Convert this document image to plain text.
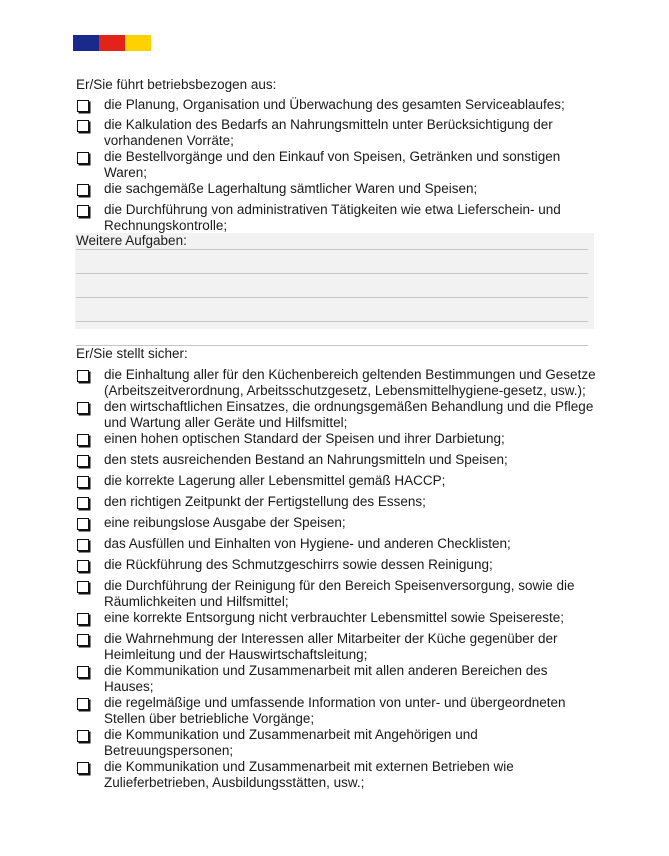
Er/Sie führt betriebsbezogen aus:
die Planung, Organisation und Überwachung des gesamten Serviceablaufes;
die Kalkulation des Bedarfs an Nahrungsmitteln unter Berücksichtigung der vorhandenen Vorräte;
die Bestellvorgänge und den Einkauf von Speisen, Getränken und sonstigen Waren;
die sachgemäße Lagerhaltung sämtlicher Waren und Speisen;
die Durchführung von administrativen Tätigkeiten wie etwa Lieferschein- und Rechnungskontrolle;
Weitere Aufgaben:
Er/Sie stellt sicher:
die Einhaltung aller für den Küchenbereich geltenden Bestimmungen und Gesetze (Arbeitszeitverordnung, Arbeitsschutzgesetz, Lebensmittelhygiene-gesetz, usw.);
den wirtschaftlichen Einsatzes, die ordnungsgemäßen Behandlung und die Pflege und Wartung aller Geräte und Hilfsmittel;
einen hohen optischen Standard der Speisen und ihrer Darbietung;
den stets ausreichenden Bestand an Nahrungsmitteln und Speisen;
die korrekte Lagerung aller Lebensmittel gemäß HACCP;
den richtigen Zeitpunkt der Fertigstellung des Essens;
eine reibungslose Ausgabe der Speisen;
das Ausfüllen und Einhalten von Hygiene- und anderen Checklisten;
die Rückführung des Schmutzgeschirrs sowie dessen Reinigung;
die Durchführung der Reinigung für den Bereich Speisenversorgung, sowie die Räumlichkeiten und Hilfsmittel;
eine korrekte Entsorgung nicht verbrauchter Lebensmittel sowie Speisereste;
die Wahrnehmung der Interessen aller Mitarbeiter der Küche gegenüber der Heimleitung und der Hauswirtschaftsleitung;
die Kommunikation und Zusammenarbeit mit allen anderen Bereichen des Hauses;
die regelmäßige und umfassende Information von unter- und übergeordneten Stellen über betriebliche Vorgänge;
die Kommunikation und Zusammenarbeit mit Angehörigen und Betreuungspersonen;
die Kommunikation und Zusammenarbeit mit externen Betrieben wie Zulieferbetrieben, Ausbildungsstätten, usw.;
